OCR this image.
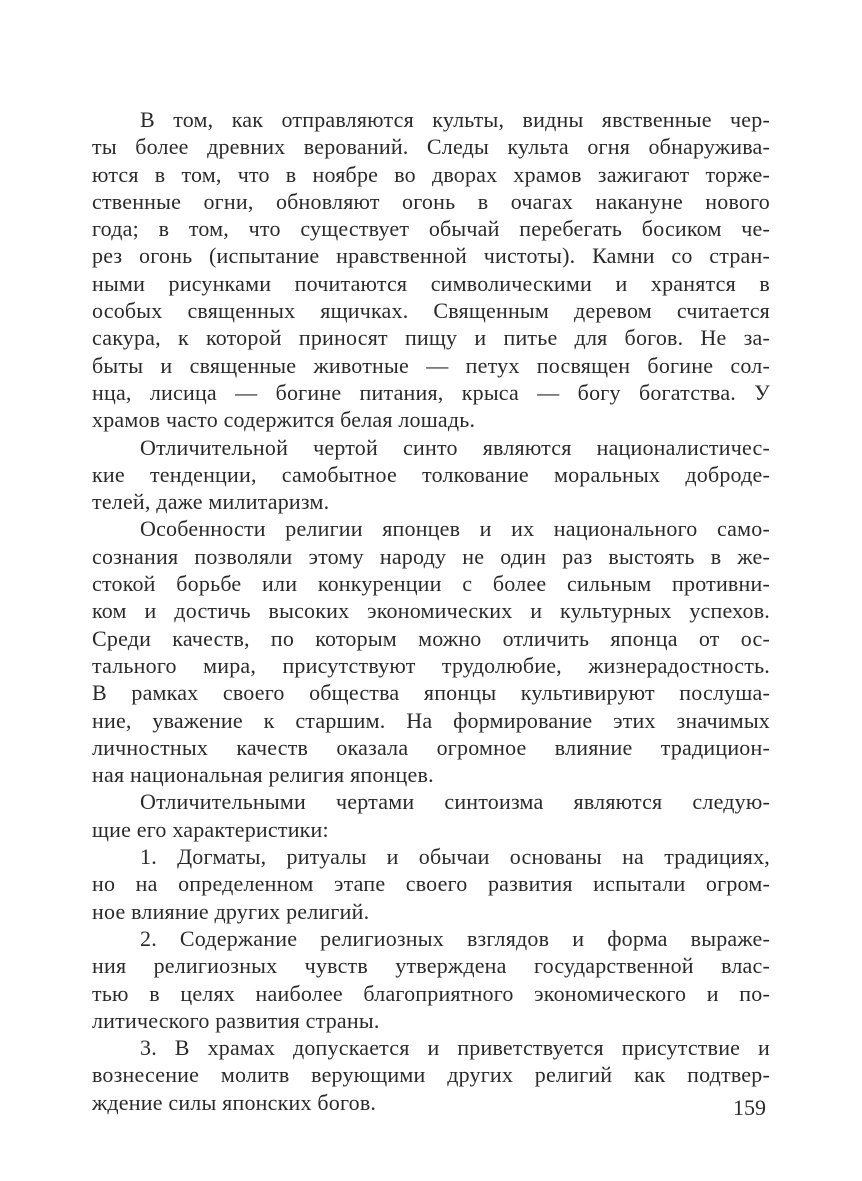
В том, как отправляются культы, видны явственные чер-
ты более древних верований. Следы культа огня обнаружива-
ются в том, что в ноябре во дворах храмов зажигают торже-
ственные огни, обновляют огонь в очагах накануне нового
года; в том, что существует обычай перебегать босиком че-
рез огонь (испытание нравственной чистоты). Камни со стран-
ными рисунками почитаются символическими и хранятся в
особых священных ящичках. Священным деревом считается
сакура, к которой приносят пищу и питье для богов. Не за-
быты и священные животные — петух посвящен богине сол-
нца, лисица — богине питания, крыса — богу богатства. У
храмов часто содержится белая лошадь.
Отличительной чертой синто являются националистичес-
кие тенденции, самобытное толкование моральных доброде-
телей, даже милитаризм.
Особенности религии японцев и их национального само-
сознания позволяли этому народу не один раз выстоять в же-
стокой борьбе или конкуренции с более сильным противни-
ком и достичь высоких экономических и культурных успехов.
Среди качеств, по которым можно отличить японца от ос-
тального мира, присутствуют трудолюбие, жизнерадостность.
В рамках своего общества японцы культивируют послуша-
ние, уважение к старшим. На формирование этих значимых
личностных качеств оказала огромное влияние традицион-
ная национальная религия японцев.
Отличительными чертами синтоизма являются следую-
щие его характеристики:
1. Догматы, ритуалы и обычаи основаны на традициях,
но на определенном этапе своего развития испытали огром-
ное влияние других религий.
2. Содержание религиозных взглядов и форма выраже-
ния религиозных чувств утверждена государственной влас-
тью в целях наиболее благоприятного экономического и по-
литического развития страны.
3. В храмах допускается и приветствуется присутствие и
вознесение молитв верующими других религий как подтвер-
ждение силы японских богов.	159
